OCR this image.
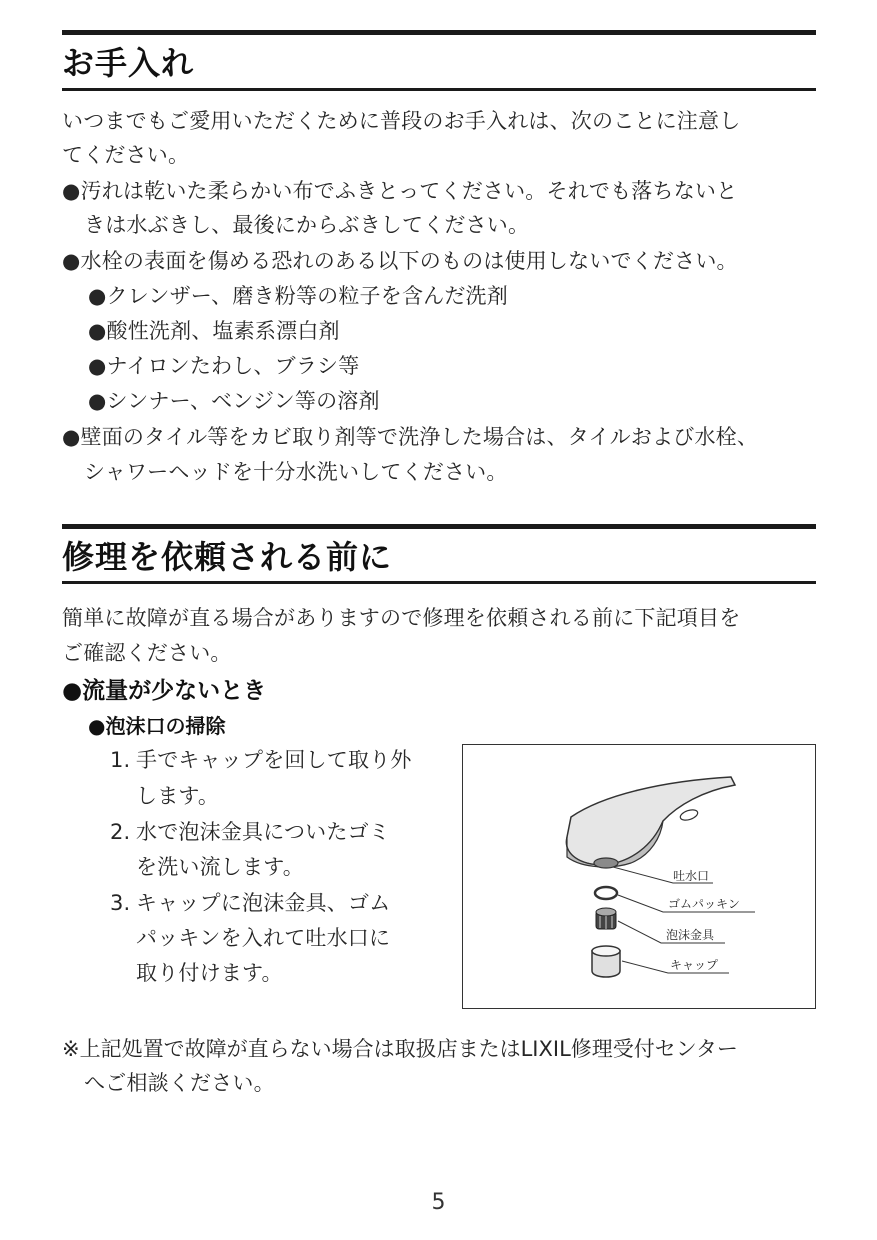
お手入れ
いつまでもご愛用いただくために普段のお手入れは、次のことに注意し
てください。
●汚れは乾いた柔らかい布でふきとってください。それでも落ちないと
きは水ぶきし、最後にからぶきしてください。
●水栓の表面を傷める恐れのある以下のものは使用しないでください。
●クレンザー、磨き粉等の粒子を含んだ洗剤
●酸性洗剤、塩素系漂白剤
●ナイロンたわし、ブラシ等
●シンナー、ベンジン等の溶剤
●壁面のタイル等をカビ取り剤等で洗浄した場合は、タイルおよび水栓、
シャワーヘッドを十分水洗いしてください。
修理を依頼される前に
簡単に故障が直る場合がありますので修理を依頼される前に下記項目を
ご確認ください。
●流量が少ないとき
●泡沫口の掃除
1. 手でキャップを回して取り外
します。
2. 水で泡沫金具についたゴミ
を洗い流します。
3. キャップに泡沫金具、ゴム
パッキンを入れて吐水口に
取り付けます。
吐水口
ゴムパッキン
泡沫金具
キャップ
※上記処置で故障が直らない場合は取扱店またはLIXIL修理受付センター
へご相談ください。
5
